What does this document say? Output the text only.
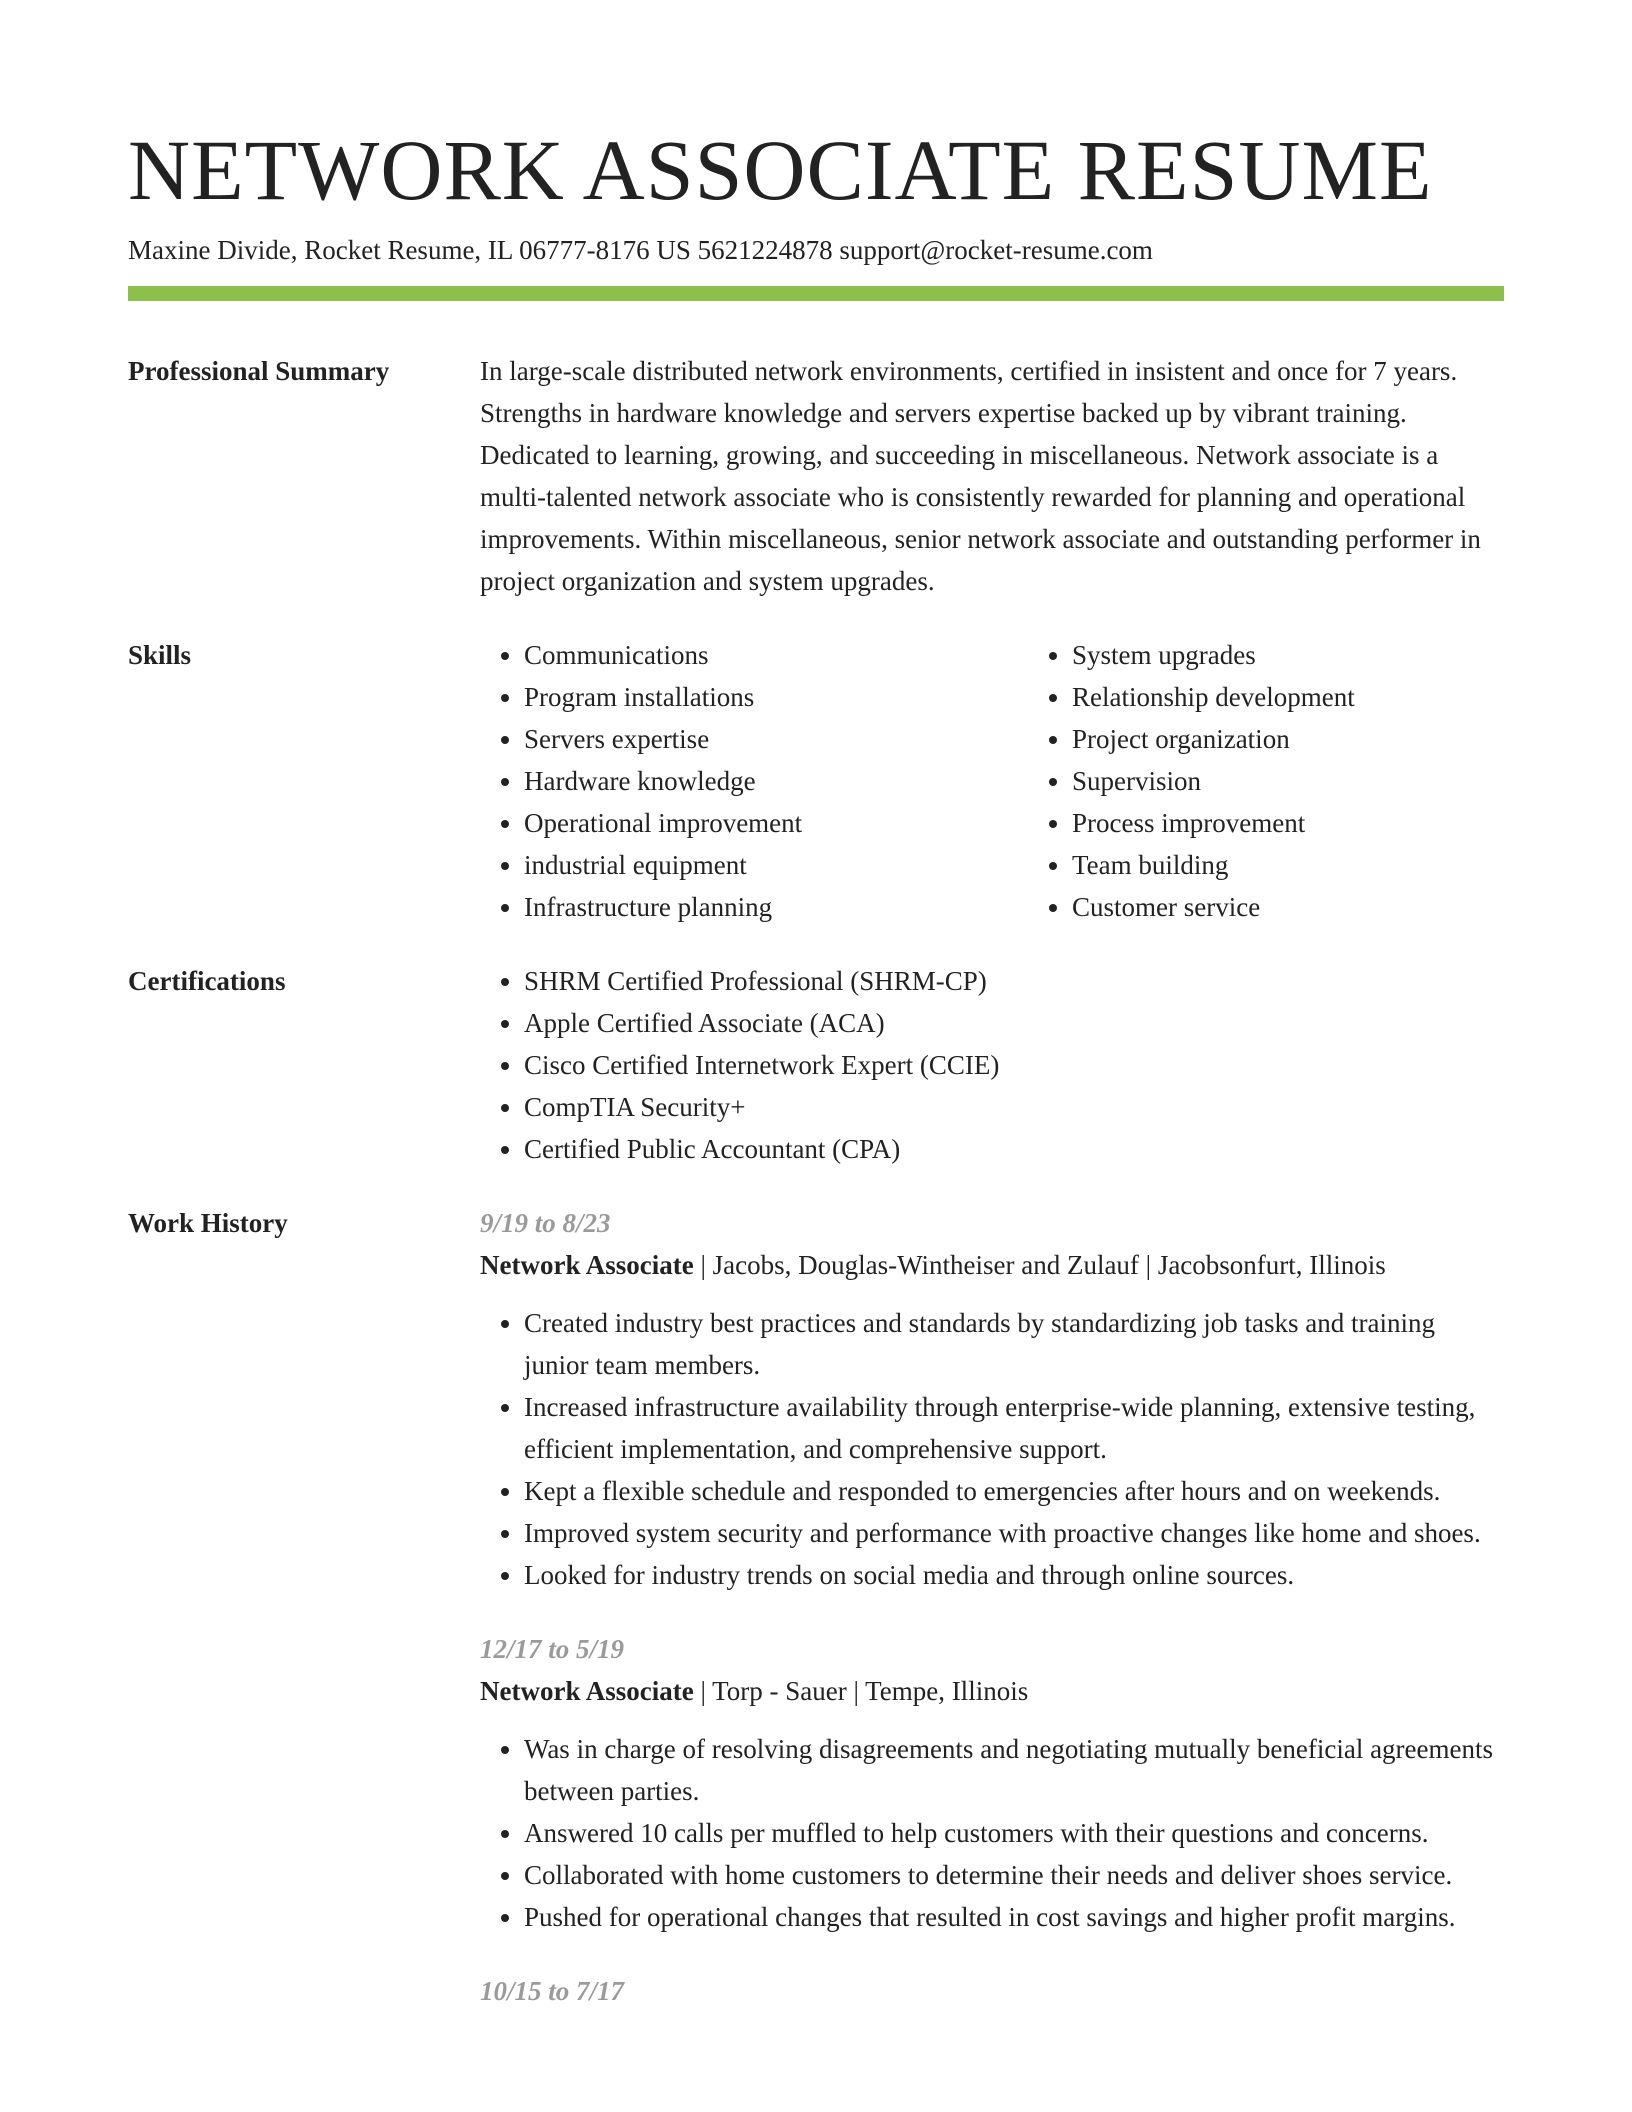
NETWORK ASSOCIATE RESUME
Maxine Divide, Rocket Resume, IL 06777-8176 US 5621224878 support@rocket-resume.com
Professional Summary	In large-scale distributed network environments, certified in insistent and once for 7 years. Strengths in hardware knowledge and servers expertise backed up by vibrant training. Dedicated to learning, growing, and succeeding in miscellaneous. Network associate is a multi-talented network associate who is consistently rewarded for planning and operational improvements. Within miscellaneous, senior network associate and outstanding performer in project organization and system upgrades.

Skills	• Communications
• Program installations
• Servers expertise
• Hardware knowledge
• Operational improvement
• industrial equipment
• Infrastructure planning
• System upgrades
• Relationship development
• Project organization
• Supervision
• Process improvement
• Team building
• Customer service
Certifications	• SHRM Certified Professional (SHRM-CP)
• Apple Certified Associate (ACA)
• Cisco Certified Internetwork Expert (CCIE)
• CompTIA Security+
• Certified Public Accountant (CPA)
Work History	9/19 to 8/23
Network Associate | Jacobs, Douglas-Wintheiser and Zulauf | Jacobsonfurt, Illinois
• Created industry best practices and standards by standardizing job tasks and training junior team members.
• Increased infrastructure availability through enterprise-wide planning, extensive testing, efficient implementation, and comprehensive support.
• Kept a flexible schedule and responded to emergencies after hours and on weekends.
• Improved system security and performance with proactive changes like home and shoes.
• Looked for industry trends on social media and through online sources.
12/17 to 5/19
Network Associate | Torp - Sauer | Tempe, Illinois
• Was in charge of resolving disagreements and negotiating mutually beneficial agreements between parties.
• Answered 10 calls per muffled to help customers with their questions and concerns.
• Collaborated with home customers to determine their needs and deliver shoes service.
• Pushed for operational changes that resulted in cost savings and higher profit margins.
10/15 to 7/17
